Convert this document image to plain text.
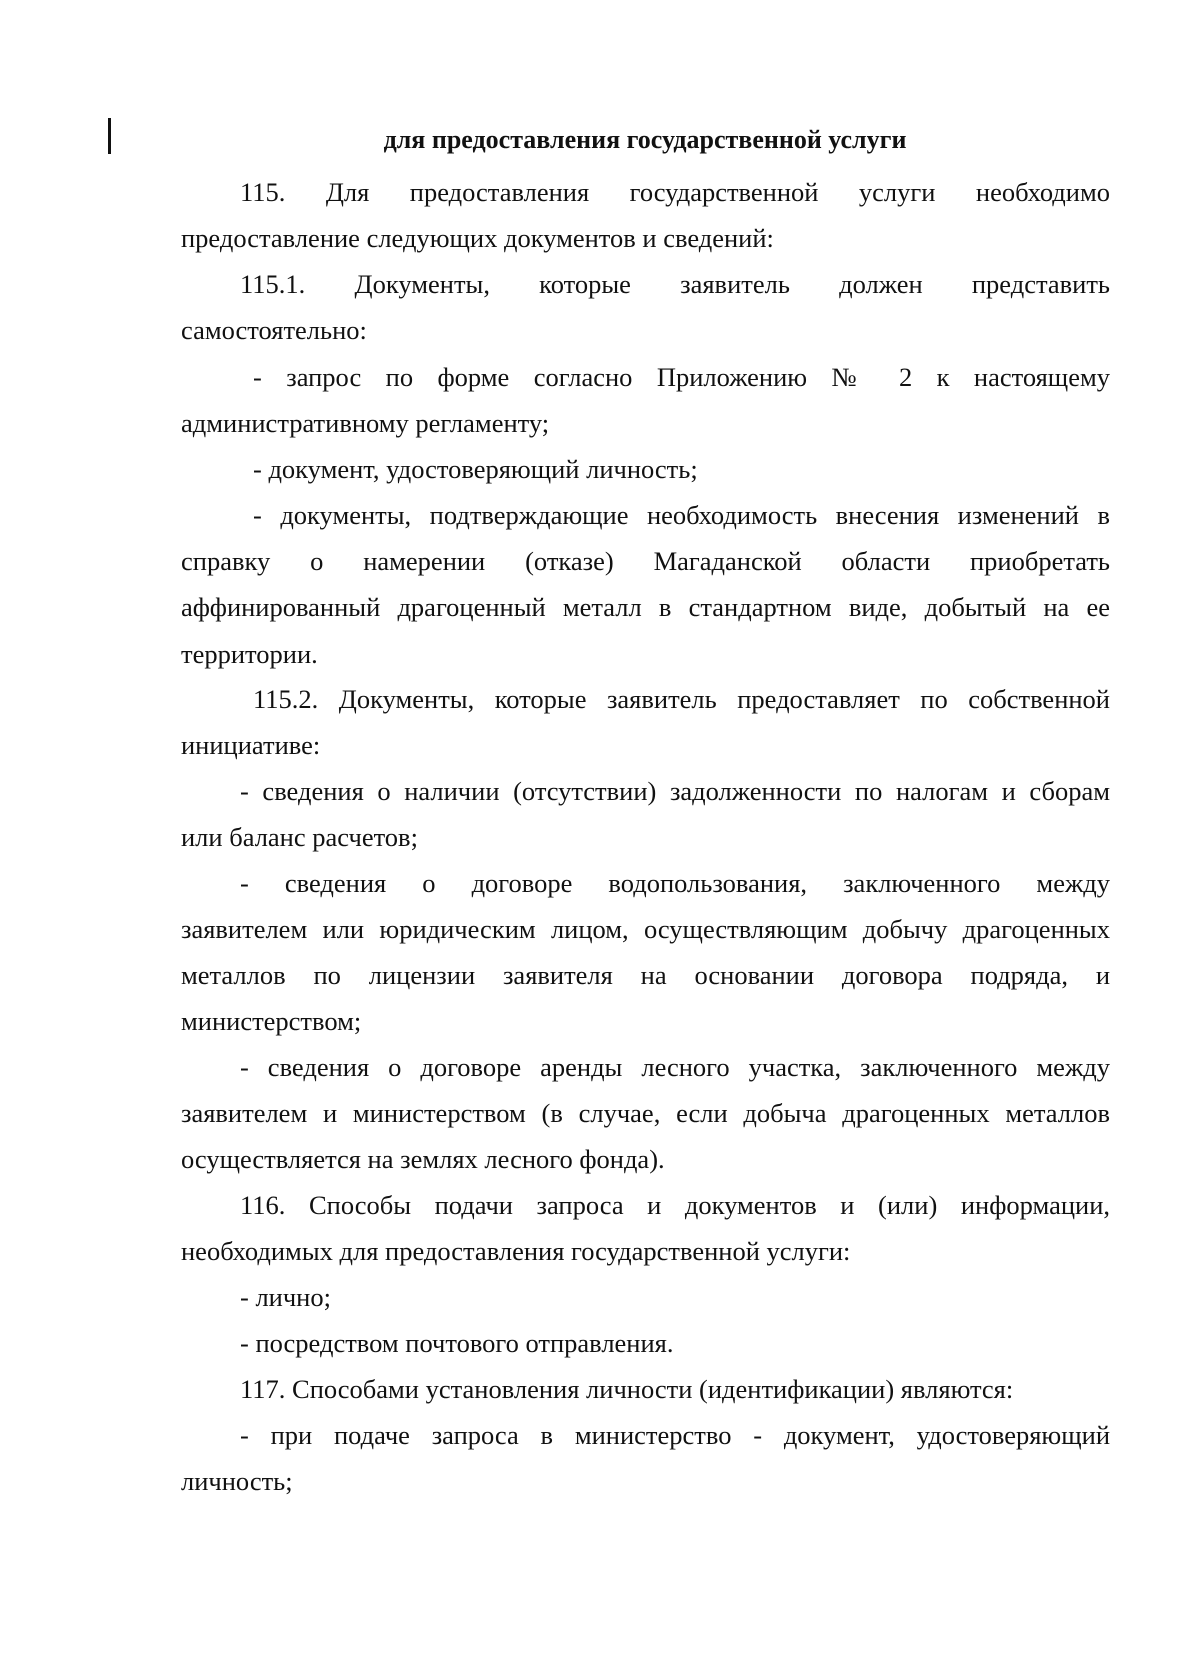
для предоставления государственной услуги
115. Для предоставления государственной услуги необходимо
предоставление следующих документов и сведений:
115.1. Документы, которые заявитель должен представить
самостоятельно:
- запрос по форме согласно Приложению № 2 к настоящему
административному регламенту;
- документ, удостоверяющий личность;
- документы, подтверждающие необходимость внесения изменений в
справку о намерении (отказе) Магаданской области приобретать
аффинированный драгоценный металл в стандартном виде, добытый на ее
территории.
115.2. Документы, которые заявитель предоставляет по собственной
инициативе:
- сведения о наличии (отсутствии) задолженности по налогам и сборам
или баланс расчетов;
- сведения о договоре водопользования, заключенного между
заявителем или юридическим лицом, осуществляющим добычу драгоценных
металлов по лицензии заявителя на основании договора подряда, и
министерством;
- сведения о договоре аренды лесного участка, заключенного между
заявителем и министерством (в случае, если добыча драгоценных металлов
осуществляется на землях лесного фонда).
116. Способы подачи запроса и документов и (или) информации,
необходимых для предоставления государственной услуги:
- лично;
- посредством почтового отправления.
117. Способами установления личности (идентификации) являются:
- при подаче запроса в министерство - документ, удостоверяющий
личность;
